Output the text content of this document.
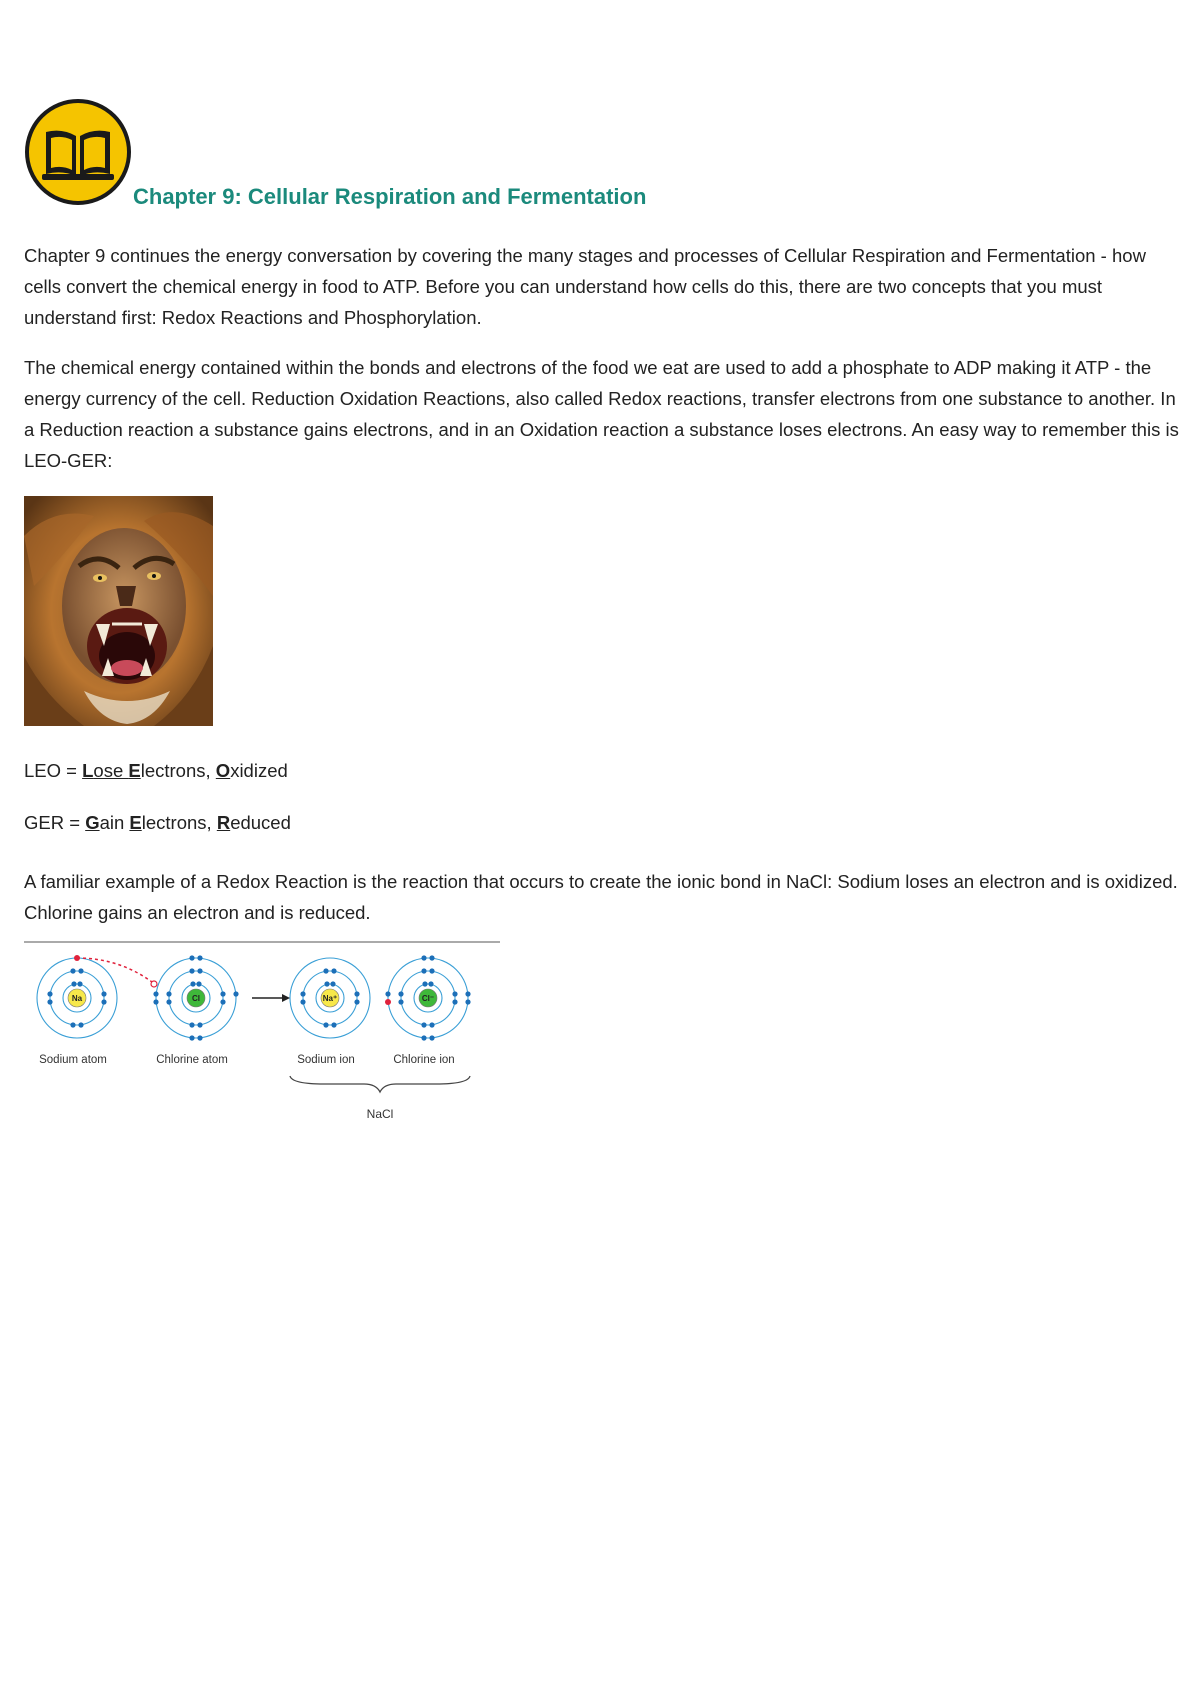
Chapter 9: Cellular Respiration and Fermentation

Chapter 9 continues the energy conversation by covering the many stages and processes of Cellular Respiration and Fermentation - how cells convert the chemical energy in food to ATP. Before you can understand how cells do this, there are two concepts that you must understand first: Redox Reactions and Phosphorylation.

The chemical energy contained within the bonds and electrons of the food we eat are used to add a phosphate to ADP making it ATP - the energy currency of the cell. Reduction Oxidation Reactions, also called Redox reactions, transfer electrons from one substance to another. In a Reduction reaction a substance gains electrons, and in an Oxidation reaction a substance loses electrons. An easy way to remember this is LEO-GER:

LEO = Lose Electrons, Oxidized
GER = Gain Electrons, Reduced

A familiar example of a Redox Reaction is the reaction that occurs to create the ionic bond in NaCl: Sodium loses an electron and is oxidized. Chlorine gains an electron and is reduced.

Na
Sodium atom
Cl
Chlorine atom
Na⁺
Sodium ion
Cl⁻
Chlorine ion
NaCl
